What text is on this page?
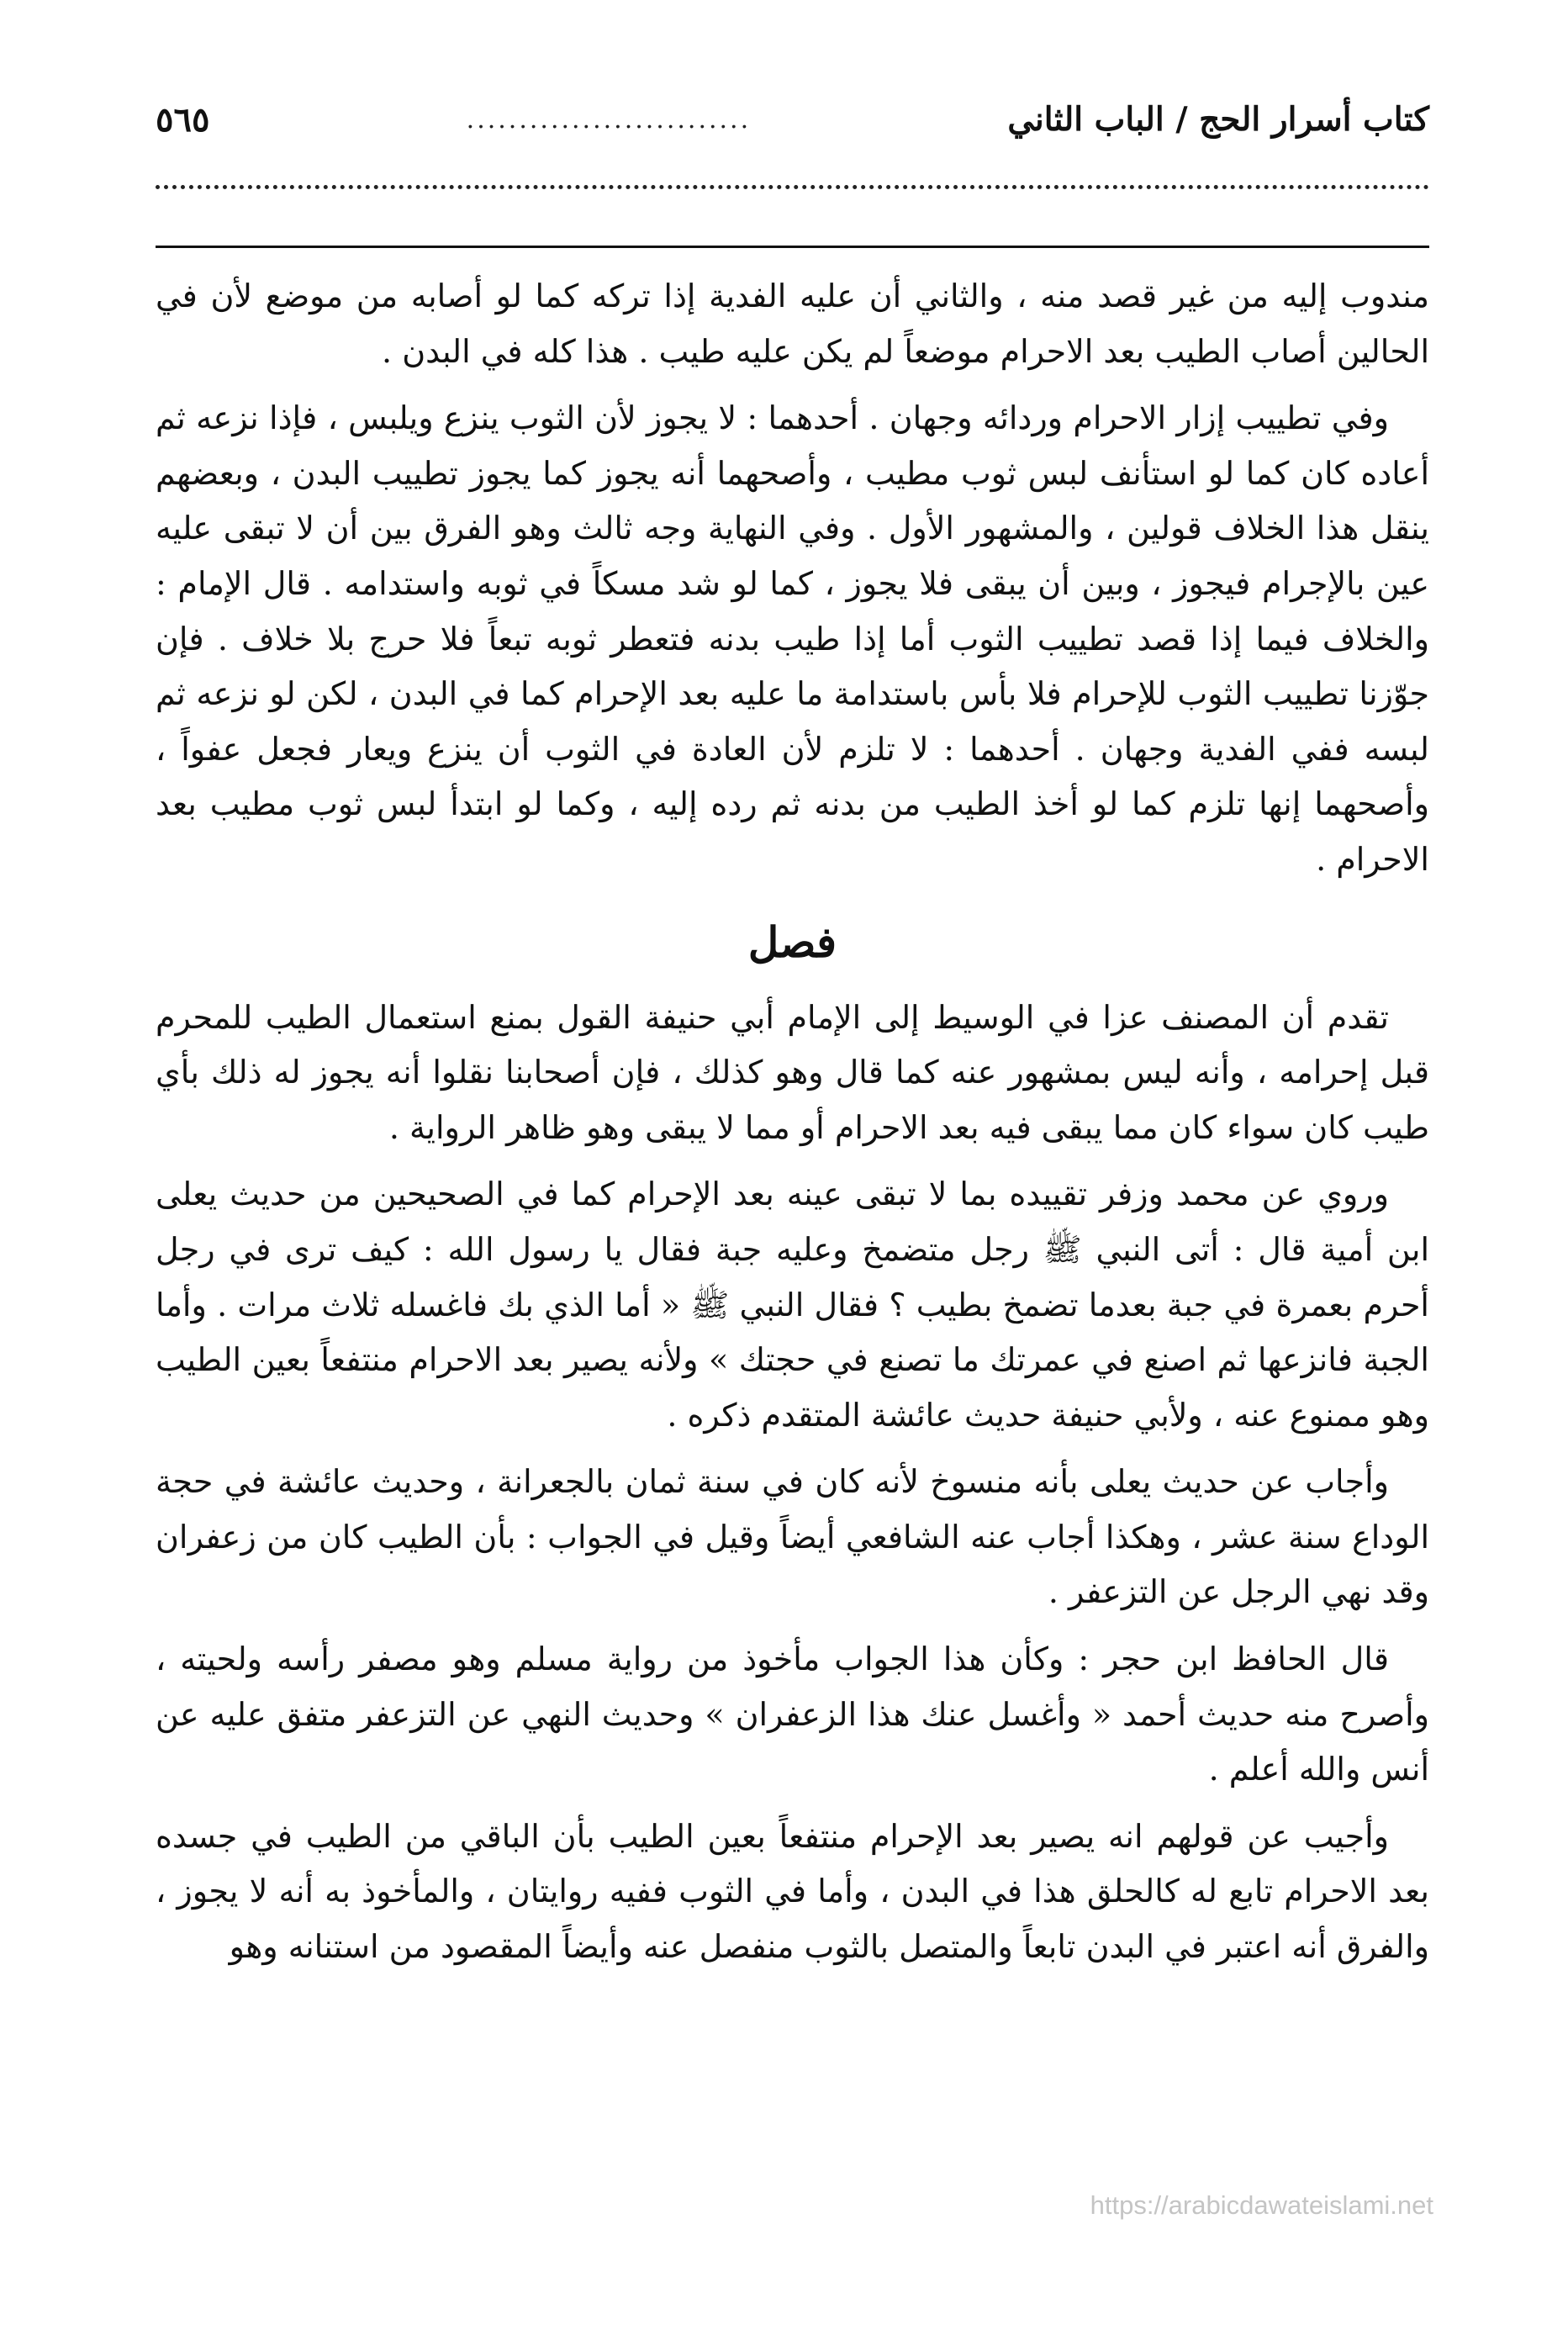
كتاب أسرار الحج / الباب الثاني
...........................
٥٦٥

مندوب إليه من غير قصد منه ، والثاني أن عليه الفدية إذا تركه كما لو أصابه من موضع لأن في الحالين أصاب الطيب بعد الاحرام موضعاً لم يكن عليه طيب . هذا كله في البدن .

وفي تطييب إزار الاحرام وردائه وجهان . أحدهما : لا يجوز لأن الثوب ينزع ويلبس ، فإذا نزعه ثم أعاده كان كما لو استأنف لبس ثوب مطيب ، وأصحهما أنه يجوز كما يجوز تطييب البدن ، وبعضهم ينقل هذا الخلاف قولين ، والمشهور الأول . وفي النهاية وجه ثالث وهو الفرق بين أن لا تبقى عليه عين بالإجرام فيجوز ، وبين أن يبقى فلا يجوز ، كما لو شد مسكاً في ثوبه واستدامه . قال الإمام : والخلاف فيما إذا قصد تطييب الثوب أما إذا طيب بدنه فتعطر ثوبه تبعاً فلا حرج بلا خلاف . فإن جوّزنا تطييب الثوب للإحرام فلا بأس باستدامة ما عليه بعد الإحرام كما في البدن ، لكن لو نزعه ثم لبسه ففي الفدية وجهان . أحدهما : لا تلزم لأن العادة في الثوب أن ينزع ويعار فجعل عفواً ، وأصحهما إنها تلزم كما لو أخذ الطيب من بدنه ثم رده إليه ، وكما لو ابتدأ لبس ثوب مطيب بعد الاحرام .

فصل

تقدم أن المصنف عزا في الوسيط إلى الإمام أبي حنيفة القول بمنع استعمال الطيب للمحرم قبل إحرامه ، وأنه ليس بمشهور عنه كما قال وهو كذلك ، فإن أصحابنا نقلوا أنه يجوز له ذلك بأي طيب كان سواء كان مما يبقى فيه بعد الاحرام أو مما لا يبقى وهو ظاهر الرواية .

وروي عن محمد وزفر تقييده بما لا تبقى عينه بعد الإحرام كما في الصحيحين من حديث يعلى ابن أمية قال : أتى النبي ﷺ رجل متضمخ وعليه جبة فقال يا رسول الله : كيف ترى في رجل أحرم بعمرة في جبة بعدما تضمخ بطيب ؟ فقال النبي ﷺ « أما الذي بك فاغسله ثلاث مرات . وأما الجبة فانزعها ثم اصنع في عمرتك ما تصنع في حجتك » ولأنه يصير بعد الاحرام منتفعاً بعين الطيب وهو ممنوع عنه ، ولأبي حنيفة حديث عائشة المتقدم ذكره .

وأجاب عن حديث يعلى بأنه منسوخ لأنه كان في سنة ثمان بالجعرانة ، وحديث عائشة في حجة الوداع سنة عشر ، وهكذا أجاب عنه الشافعي أيضاً وقيل في الجواب : بأن الطيب كان من زعفران وقد نهي الرجل عن التزعفر .

قال الحافظ ابن حجر : وكأن هذا الجواب مأخوذ من رواية مسلم وهو مصفر رأسه ولحيته ، وأصرح منه حديث أحمد « وأغسل عنك هذا الزعفران » وحديث النهي عن التزعفر متفق عليه عن أنس والله أعلم .

وأجيب عن قولهم انه يصير بعد الإحرام منتفعاً بعين الطيب بأن الباقي من الطيب في جسده بعد الاحرام تابع له كالحلق هذا في البدن ، وأما في الثوب ففيه روايتان ، والمأخوذ به أنه لا يجوز ، والفرق أنه اعتبر في البدن تابعاً والمتصل بالثوب منفصل عنه وأيضاً المقصود من استنانه وهو

https://arabicdawateislami.net
